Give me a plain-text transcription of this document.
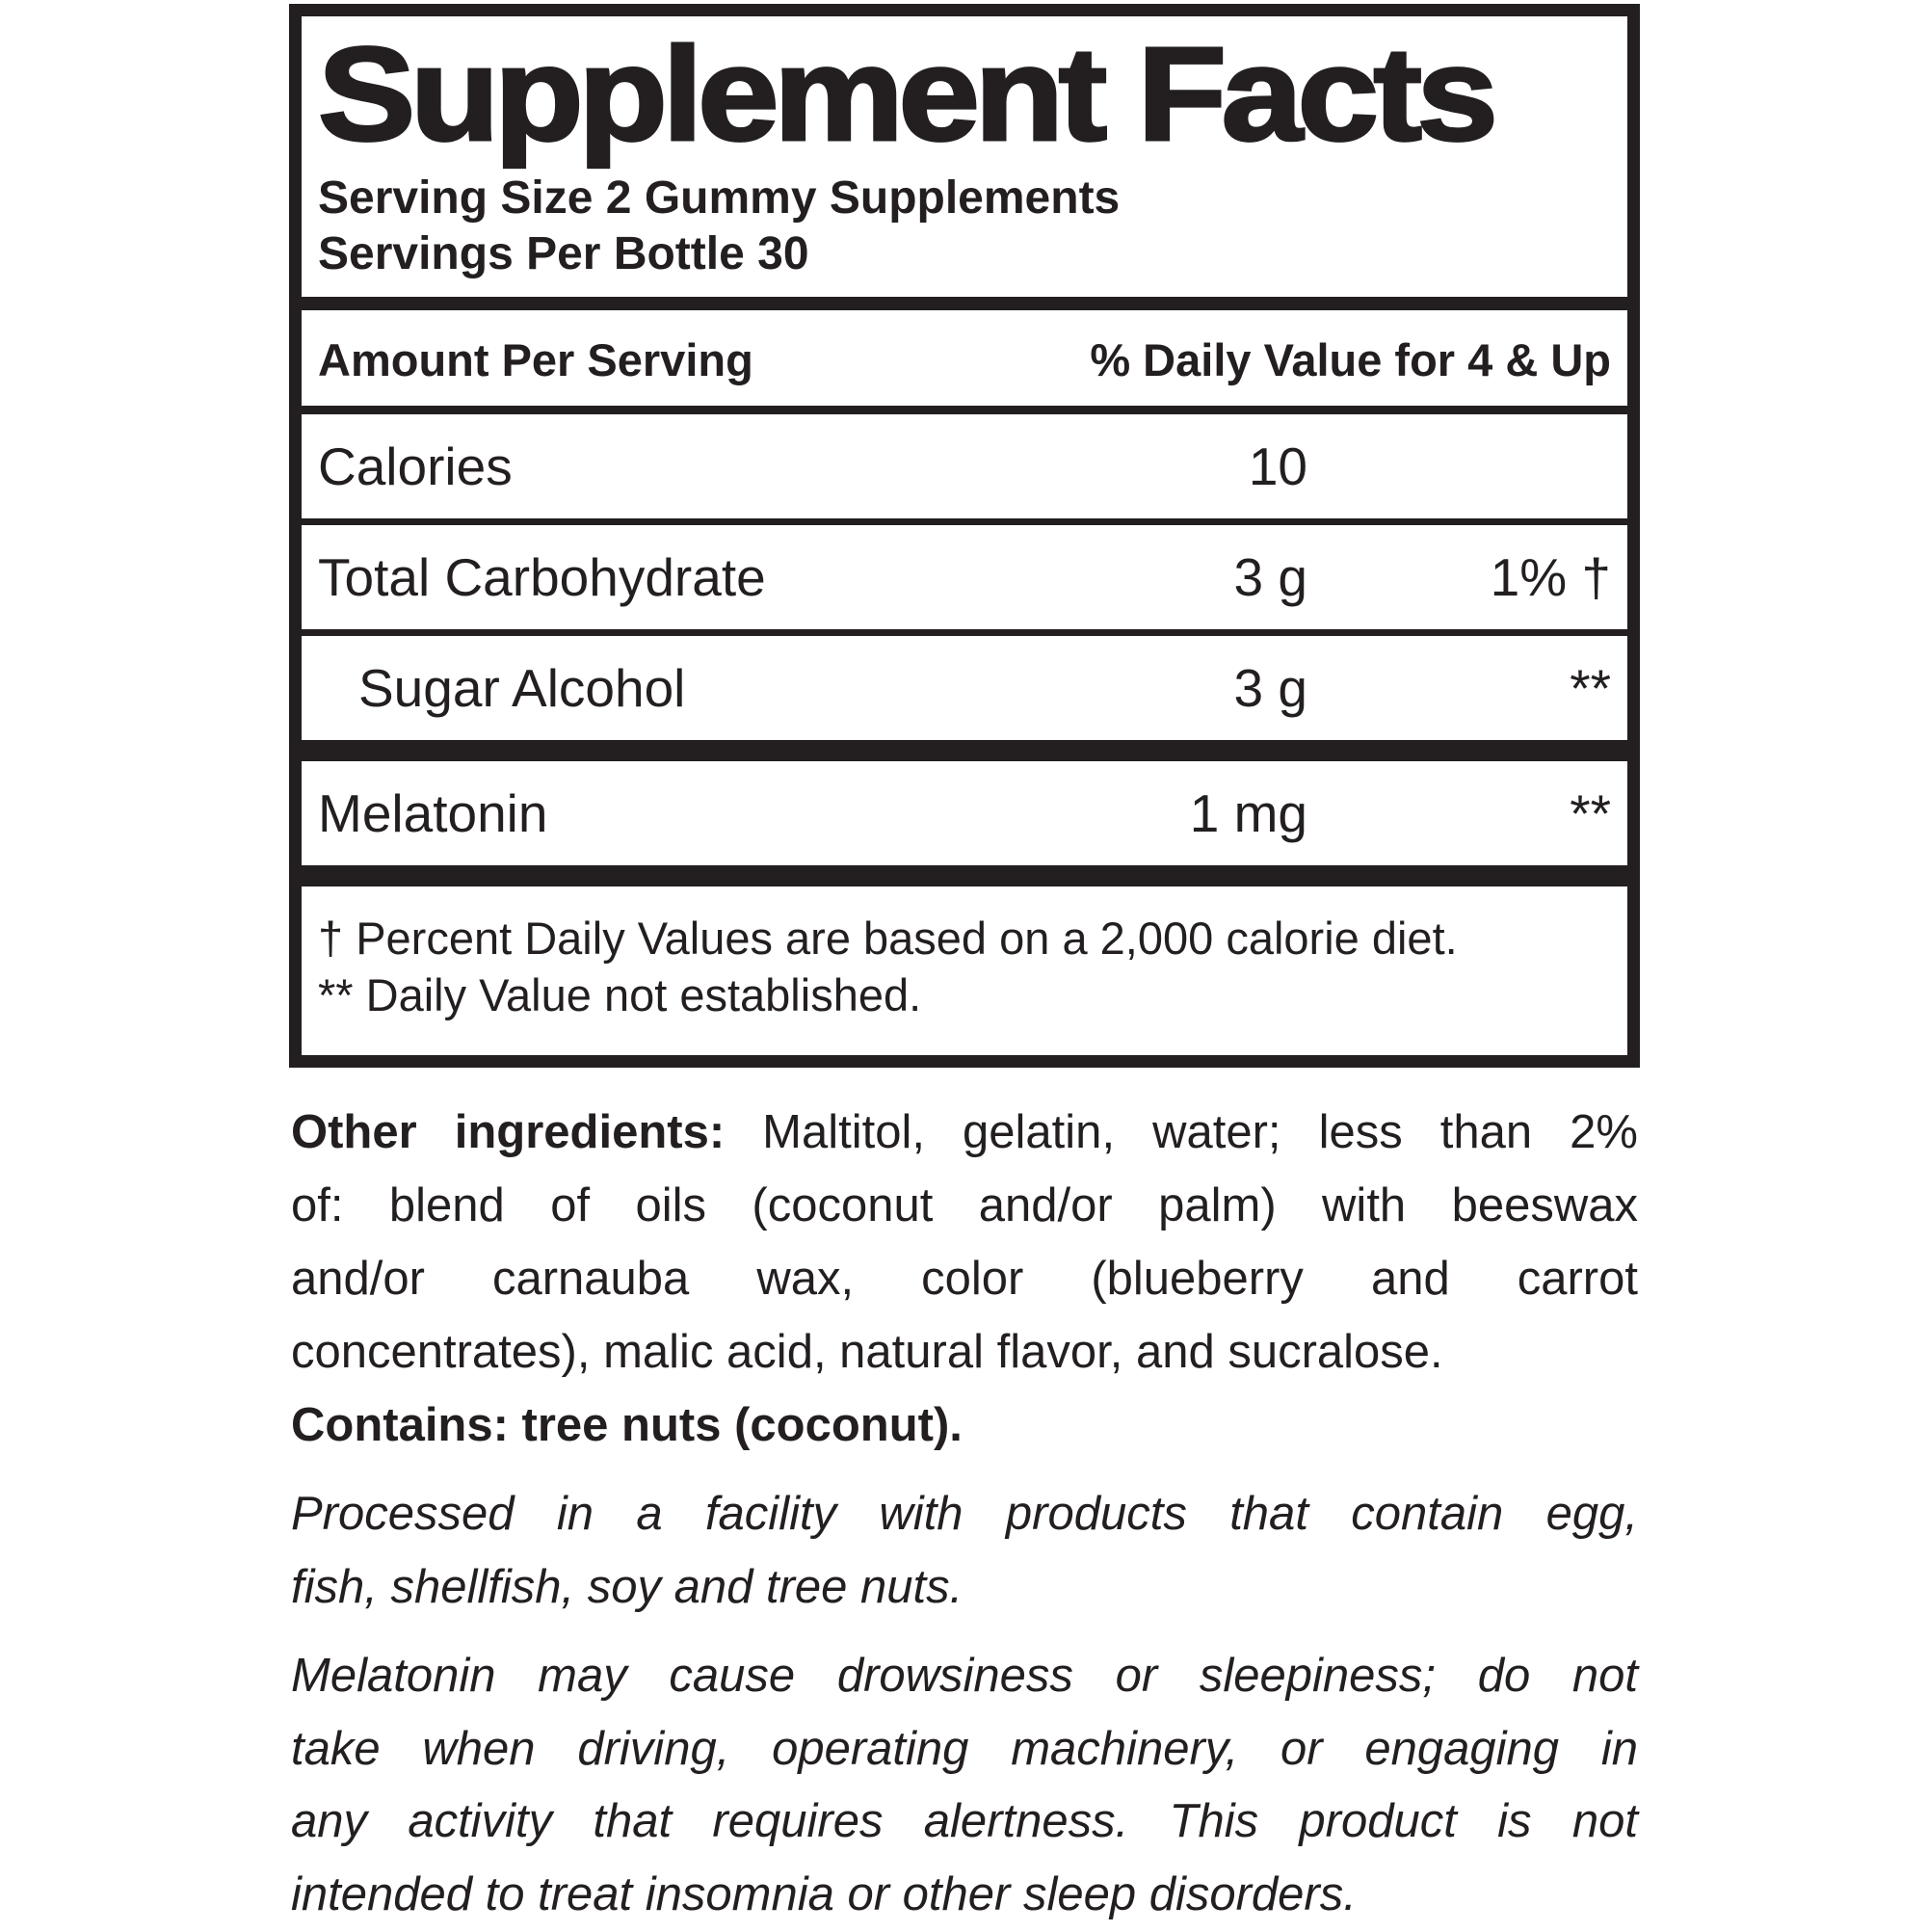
Supplement Facts
Serving Size 2 Gummy Supplements
Servings Per Bottle 30
Amount Per Serving	% Daily Value for 4 & Up
Calories	10
Total Carbohydrate	3 g	1% †
Sugar Alcohol	3 g	**
Melatonin	1 mg	**
† Percent Daily Values are based on a 2,000 calorie diet.
** Daily Value not established.
Other ingredients: Maltitol, gelatin, water; less than 2%
of: blend of oils (coconut and/or palm) with beeswax
and/or carnauba wax, color (blueberry and carrot
concentrates), malic acid, natural flavor, and sucralose.
Contains: tree nuts (coconut).
Processed in a facility with products that contain egg,
fish, shellfish, soy and tree nuts.
Melatonin may cause drowsiness or sleepiness; do not
take when driving, operating machinery, or engaging in
any activity that requires alertness. This product is not
intended to treat insomnia or other sleep disorders.
